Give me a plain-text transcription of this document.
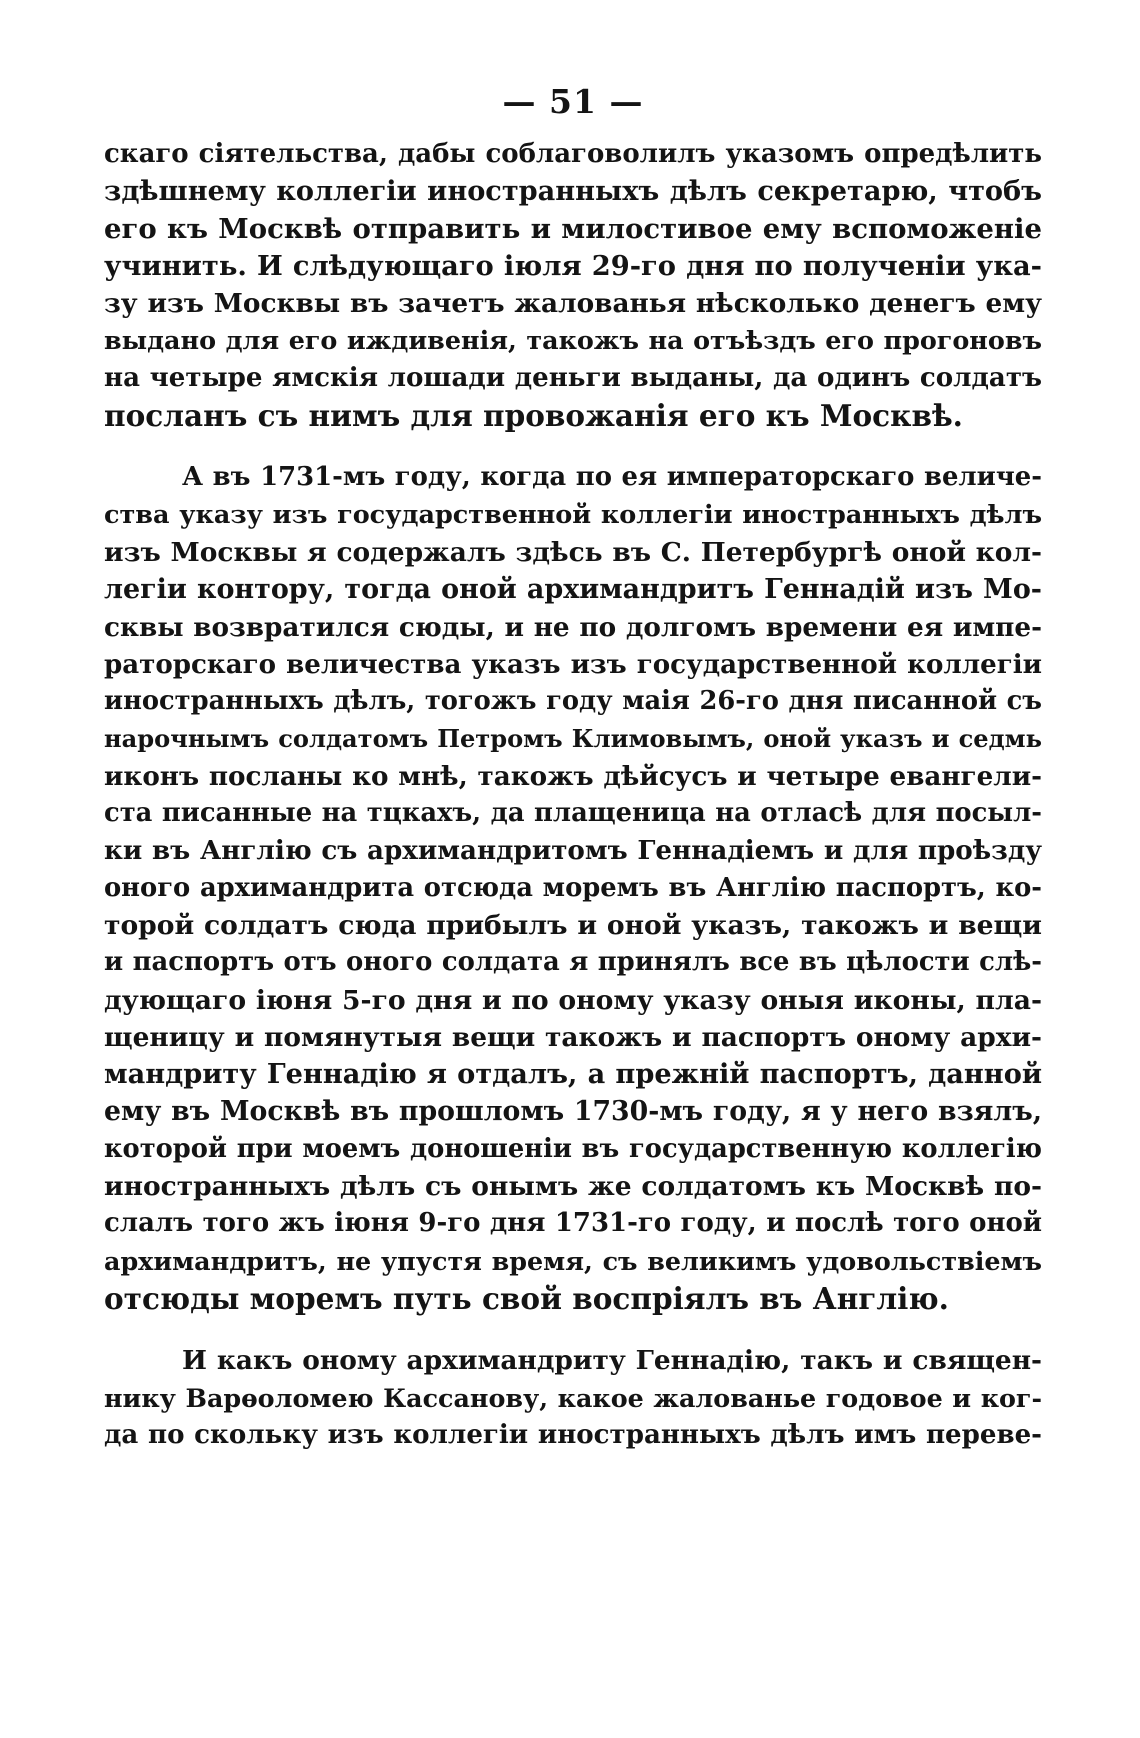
— 51 —
скаго сіятельства, дабы соблаговолилъ указомъ опредѣлить
здѣшнему коллегіи иностранныхъ дѣлъ секретарю, чтобъ
его къ Москвѣ отправить и милостивое ему вспоможеніе
учинить. И слѣдующаго іюля 29-го дня по полученіи ука-
зу изъ Москвы въ зачетъ жалованья нѣсколько денегъ ему
выдано для его иждивенія, такожъ на отъѣздъ его прогоновъ
на четыре ямскія лошади деньги выданы, да одинъ солдатъ
посланъ съ нимъ для провожанія его къ Москвѣ.
А въ 1731-мъ году, когда по ея императорскаго величе-
ства указу изъ государственной коллегіи иностранныхъ дѣлъ
изъ Москвы я содержалъ здѣсь въ С. Петербургѣ оной кол-
легіи контору, тогда оной архимандритъ Геннадій изъ Мо-
сквы возвратился сюды, и не по долгомъ времени ея импе-
раторскаго величества указъ изъ государственной коллегіи
иностранныхъ дѣлъ, тогожъ году маія 26-го дня писанной съ
нарочнымъ солдатомъ Петромъ Климовымъ, оной указъ и седмь
иконъ посланы ко мнѣ, такожъ дѣйсусъ и четыре евангели-
ста писанные на тцкахъ, да плащеница на отласѣ для посыл-
ки въ Англію съ архимандритомъ Геннадіемъ и для проѣзду
оного архимандрита отсюда моремъ въ Англію паспортъ, ко-
торой солдатъ сюда прибылъ и оной указъ, такожъ и вещи
и паспортъ отъ оного солдата я принялъ все въ цѣлости слѣ-
дующаго іюня 5-го дня и по оному указу оныя иконы, пла-
щеницу и помянутыя вещи такожъ и паспортъ оному архи-
мандриту Геннадію я отдалъ, а прежній паспортъ, данной
ему въ Москвѣ въ прошломъ 1730-мъ году, я у него взялъ,
которой при моемъ доношеніи въ государственную коллегію
иностранныхъ дѣлъ съ онымъ же солдатомъ къ Москвѣ по-
слалъ того жъ іюня 9-го дня 1731-го году, и послѣ того оной
архимандритъ, не упустя время, съ великимъ удовольствіемъ
отсюды моремъ путь свой воспріялъ въ Англію.
И какъ оному архимандриту Геннадію, такъ и священ-
нику Варѳоломею Кассанову, какое жалованье годовое и ког-
да по скольку изъ коллегіи иностранныхъ дѣлъ имъ переве-
